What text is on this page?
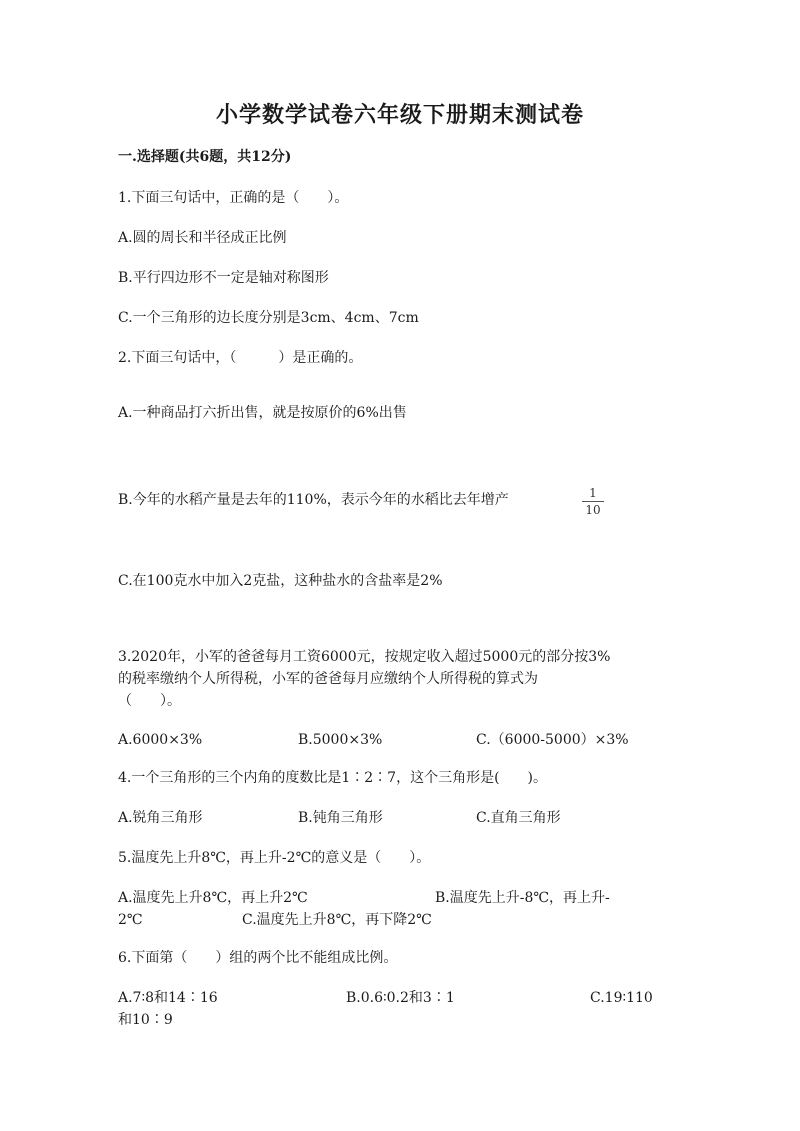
小学数学试卷六年级下册期末测试卷
一.选择题(共6题，共12分)
1.下面三句话中，正确的是（　　）。
A.圆的周长和半径成正比例
B.平行四边形不一定是轴对称图形
C.一个三角形的边长度分别是3cm、4cm、7cm
2.下面三句话中，（　　　）是正确的。
A.一种商品打六折出售，就是按原价的6%出售
B.今年的水稻产量是去年的110%，表示今年的水稻比去年增产	1
10
C.在100克水中加入2克盐，这种盐水的含盐率是2%
3.2020年，小军的爸爸每月工资6000元，按规定收入超过5000元的部分按3%
的税率缴纳个人所得税，小军的爸爸每月应缴纳个人所得税的算式为
（　　）。
A.6000×3%	B.5000×3%	C.（6000-5000）×3%
4.一个三角形的三个内角的度数比是1∶2∶7，这个三角形是(　　)。
A.锐角三角形	B.钝角三角形	C.直角三角形
5.温度先上升8℃，再上升-2℃的意义是（　　）。
A.温度先上升8℃，再上升2℃	B.温度先上升-8℃，再上升-
2℃	C.温度先上升8℃，再下降2℃
6.下面第（　　）组的两个比不能组成比例。
A.7∶8和14∶16	B.0.6∶0.2和3∶1	C.19∶110
和10∶9
